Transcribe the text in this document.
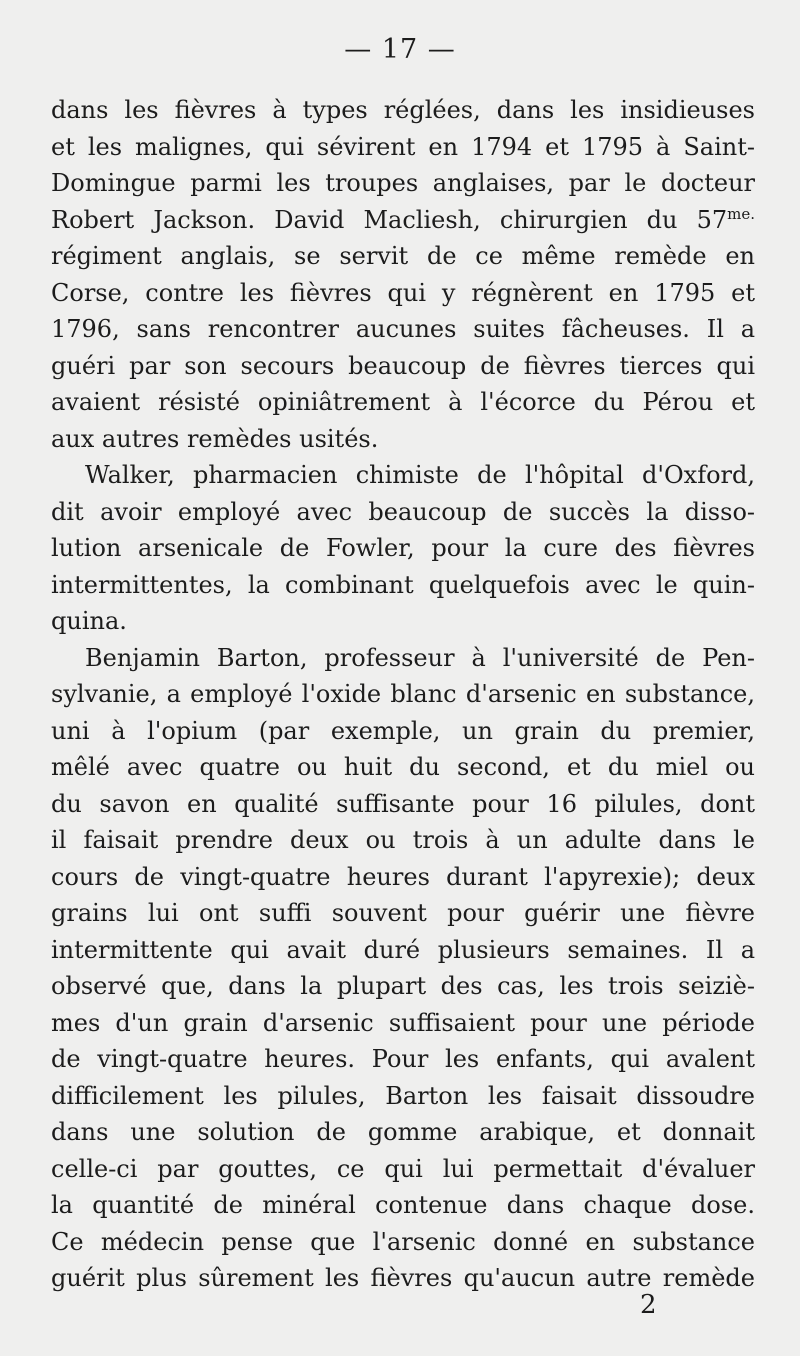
— 17 —
dans les fièvres à types réglées, dans les insidieuses
et les malignes, qui sévirent en 1794 et 1795 à Saint-
Domingue parmi les troupes anglaises, par le docteur
Robert Jackson. David Macliesh, chirurgien du $57^{me.}$
régiment anglais, se servit de ce même remède en
Corse, contre les fièvres qui y régnèrent en 1795 et
1796, sans rencontrer aucunes suites fâcheuses. Il a
guéri par son secours beaucoup de fièvres tierces qui
avaient résisté opiniâtrement à l'écorce du Pérou et
aux autres remèdes usités.
Walker, pharmacien chimiste de l'hôpital d'Oxford,
dit avoir employé avec beaucoup de succès la disso-
lution arsenicale de Fowler, pour la cure des fièvres
intermittentes, la combinant quelquefois avec le quin-
quina.
Benjamin Barton, professeur à l'université de Pen-
sylvanie, a employé l'oxide blanc d'arsenic en substance,
uni à l'opium (par exemple, un grain du premier,
mêlé avec quatre ou huit du second, et du miel ou
du savon en qualité suffisante pour 16 pilules, dont
il faisait prendre deux ou trois à un adulte dans le
cours de vingt-quatre heures durant l'apyrexie); deux
grains lui ont suffi souvent pour guérir une fièvre
intermittente qui avait duré plusieurs semaines. Il a
observé que, dans la plupart des cas, les trois seiziè-
mes d'un grain d'arsenic suffisaient pour une période
de vingt-quatre heures. Pour les enfants, qui avalent
difficilement les pilules, Barton les faisait dissoudre
dans une solution de gomme arabique, et donnait
celle-ci par gouttes, ce qui lui permettait d'évaluer
la quantité de minéral contenue dans chaque dose.
Ce médecin pense que l'arsenic donné en substance
guérit plus sûrement les fièvres qu'aucun autre remède
2
